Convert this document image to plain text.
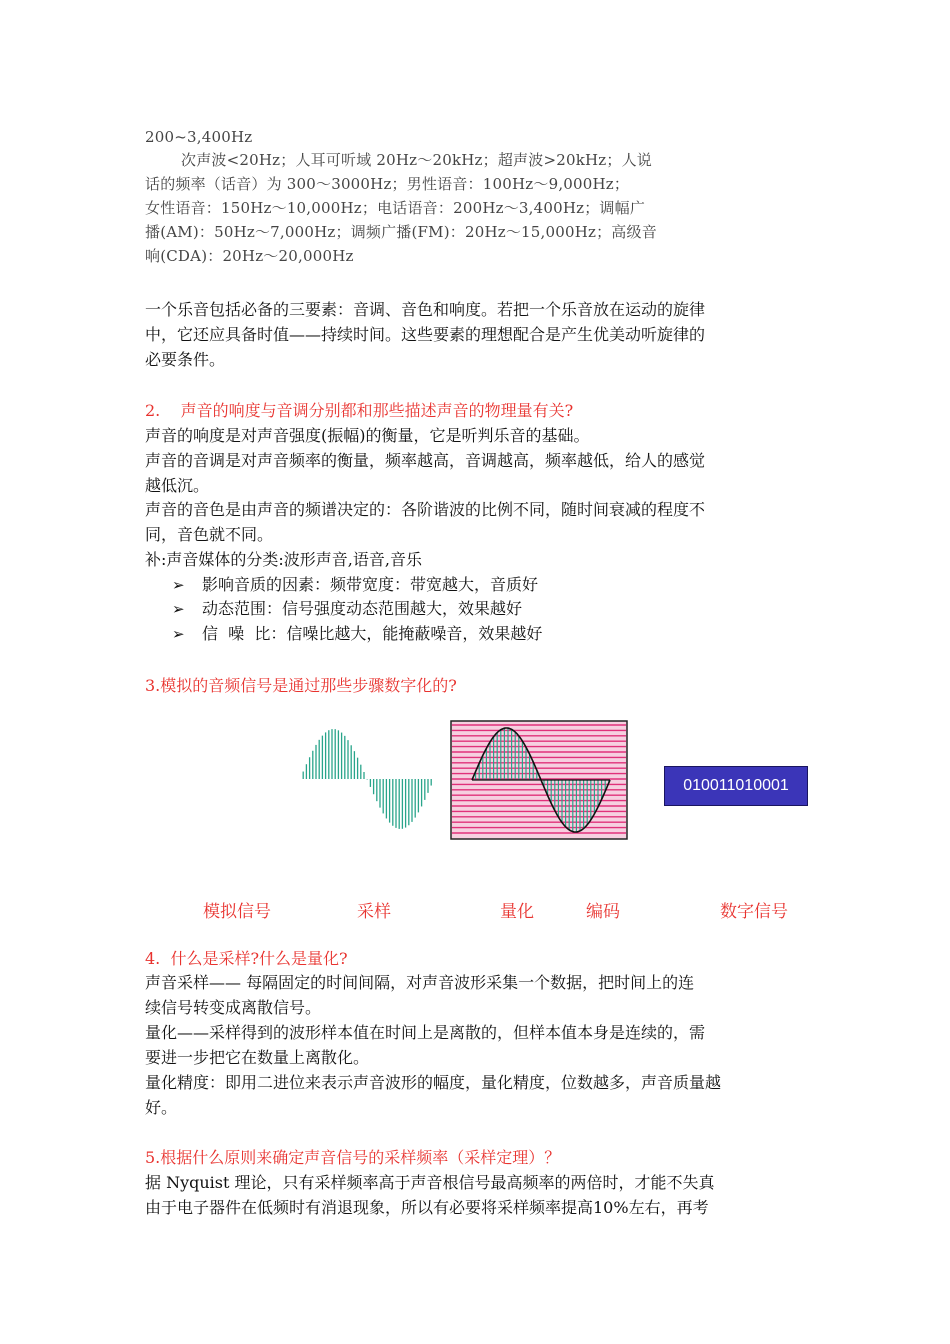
200~3,400Hz
次声波<20Hz；人耳可听域 20Hz～20kHz；超声波>20kHz；人说
话的频率（话音）为 300～3000Hz；男性语音：100Hz～9,000Hz；
女性语音：150Hz～10,000Hz；电话语音：200Hz～3,400Hz；调幅广
播(AM)：50Hz～7,000Hz；调频广播(FM)：20Hz～15,000Hz；高级音
响(CDA)：20Hz～20,000Hz
一个乐音包括必备的三要素：音调、音色和响度。若把一个乐音放在运动的旋律
中，它还应具备时值——持续时间。这些要素的理想配合是产生优美动听旋律的
必要条件。
2.    声音的响度与音调分别都和那些描述声音的物理量有关?
声音的响度是对声音强度(振幅)的衡量，它是听判乐音的基础。
声音的音调是对声音频率的衡量，频率越高，音调越高，频率越低，给人的感觉
越低沉。
声音的音色是由声音的频谱决定的：各阶谐波的比例不同，随时间衰减的程度不
同，音色就不同。
补:声音媒体的分类:波形声音,语音,音乐
➢ 影响音质的因素：频带宽度：带宽越大，音质好
➢ 动态范围：信号强度动态范围越大，效果越好
➢ 信  噪  比：信噪比越大，能掩蔽噪音，效果越好
3.模拟的音频信号是通过那些步骤数字化的?
010011010001
模拟信号	采样	量化	编码	数字信号
4.  什么是采样?什么是量化?
声音采样—— 每隔固定的时间间隔，对声音波形采集一个数据，把时间上的连
续信号转变成离散信号。
量化——采样得到的波形样本值在时间上是离散的，但样本值本身是连续的，需
要进一步把它在数量上离散化。
量化精度：即用二进位来表示声音波形的幅度，量化精度，位数越多，声音质量越
好。
5.根据什么原则来确定声音信号的采样频率（采样定理）？
据 Nyquist 理论，只有采样频率高于声音根信号最高频率的两倍时，才能不失真
由于电子器件在低频时有消退现象，所以有必要将采样频率提高10%左右，再考
